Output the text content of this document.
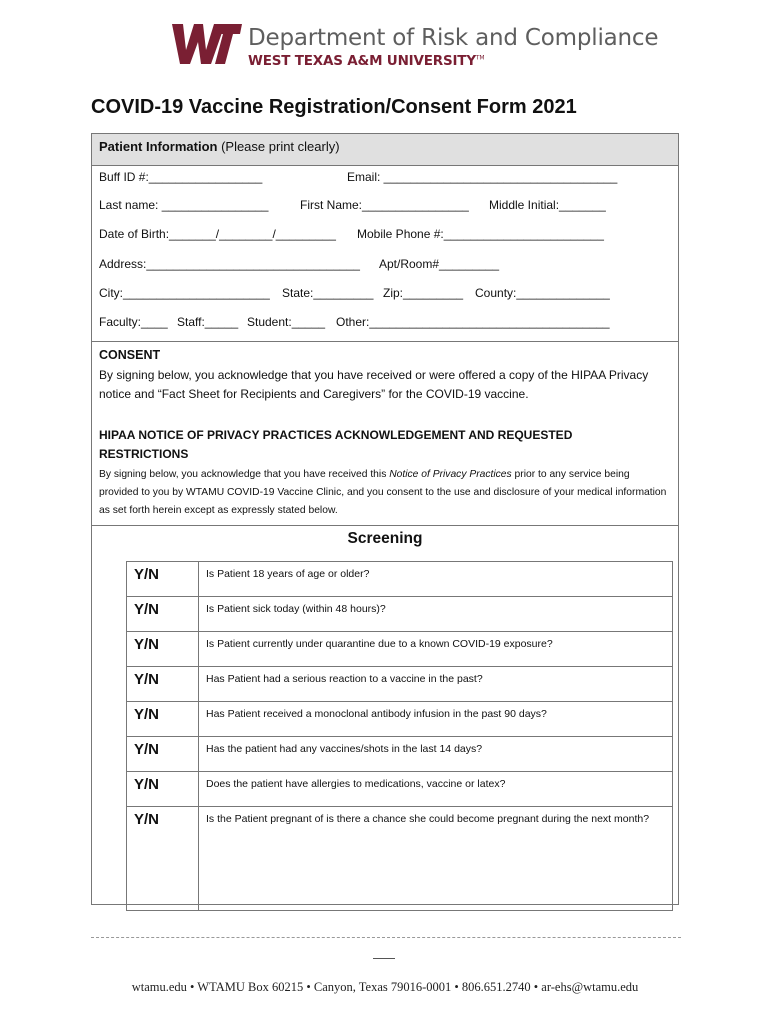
Department of Risk and Compliance
WEST TEXAS A&M UNIVERSITY™
COVID-19 Vaccine Registration/Consent Form 2021
Patient Information (Please print clearly)
Buff ID #:_________________	Email: ___________________________________
Last name: ________________	First Name:________________ Middle Initial:_______
Date of Birth:_______/________/_________ Mobile Phone #:________________________
Address:________________________________ Apt/Room#_________
City:______________________ State:_________ Zip:_________ County:______________
Faculty:____ Staff:_____ Student:_____ Other:____________________________________
CONSENT
By signing below, you acknowledge that you have received or were offered a copy of the HIPAA Privacy notice and “Fact Sheet for Recipients and Caregivers” for the COVID-19 vaccine.
HIPAA NOTICE OF PRIVACY PRACTICES ACKNOWLEDGEMENT AND REQUESTED RESTRICTIONS
By signing below, you acknowledge that you have received this Notice of Privacy Practices prior to any service being provided to you by WTAMU COVID-19 Vaccine Clinic, and you consent to the use and disclosure of your medical information as set forth herein except as expressly stated below.
Screening
Y/N	Is Patient 18 years of age or older?
Y/N	Is Patient sick today (within 48 hours)?
Y/N	Is Patient currently under quarantine due to a known COVID-19 exposure?
Y/N	Has Patient had a serious reaction to a vaccine in the past?
Y/N	Has Patient received a monoclonal antibody infusion in the past 90 days?
Y/N	Has the patient had any vaccines/shots in the last 14 days?
Y/N	Does the patient have allergies to medications, vaccine or latex?
Y/N	Is the Patient pregnant of is there a chance she could become pregnant during the next month?
wtamu.edu • WTAMU Box 60215 • Canyon, Texas 79016-0001 • 806.651.2740 • ar-ehs@wtamu.edu
